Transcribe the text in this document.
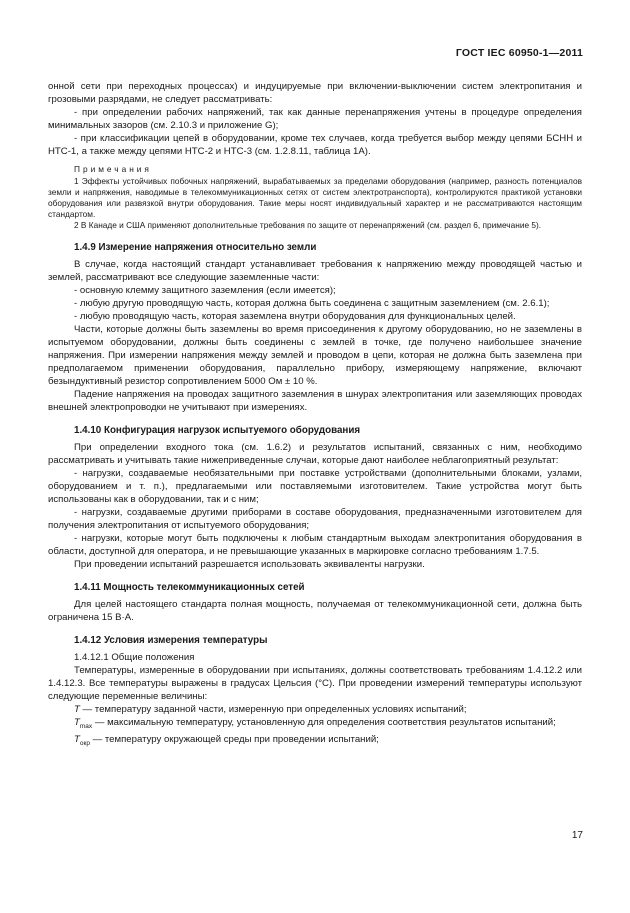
ГОСТ IEC 60950-1—2011

онной сети при переходных процессах) и индуцируемые при включении-выключении систем электропитания и грозовыми разрядами, не следует рассматривать:

- при определении рабочих напряжений, так как данные перенапряжения учтены в процедуре определения минимальных зазоров (см. 2.10.3 и приложение G);

- при классификации цепей в оборудовании, кроме тех случаев, когда требуется выбор между цепями БСНН и НТС-1, а также между цепями НТС-2 и НТС-3 (см. 1.2.8.11, таблица 1А).

Примечания

1 Эффекты устойчивых побочных напряжений, вырабатываемых за пределами оборудования (например, разность потенциалов земли и напряжения, наводимые в телекоммуникационных сетях от систем электротранспорта), контролируются практикой установки оборудования или развязкой внутри оборудования. Такие меры носят индивидуальный характер и не рассматриваются настоящим стандартом.

2 В Канаде и США применяют дополнительные требования по защите от перенапряжений (см. раздел 6, примечание 5).

1.4.9 Измерение напряжения относительно земли

В случае, когда настоящий стандарт устанавливает требования к напряжению между проводящей частью и землей, рассматривают все следующие заземленные части:

- основную клемму защитного заземления (если имеется);

- любую другую проводящую часть, которая должна быть соединена с защитным заземлением (см. 2.6.1);

- любую проводящую часть, которая заземлена внутри оборудования для функциональных целей.

Части, которые должны быть заземлены во время присоединения к другому оборудованию, но не заземлены в испытуемом оборудовании, должны быть соединены с землей в точке, где получено наибольшее значение напряжения. При измерении напряжения между землей и проводом в цепи, которая не должна быть заземлена при предполагаемом применении оборудования, параллельно прибору, измеряющему напряжение, включают безындуктивный резистор сопротивлением 5000 Ом ± 10 %.

Падение напряжения на проводах защитного заземления в шнурах электропитания или заземляющих проводах внешней электропроводки не учитывают при измерениях.

1.4.10 Конфигурация нагрузок испытуемого оборудования

При определении входного тока (см. 1.6.2) и результатов испытаний, связанных с ним, необходимо рассматривать и учитывать такие нижеприведенные случаи, которые дают наиболее неблагоприятный результат:

- нагрузки, создаваемые необязательными при поставке устройствами (дополнительными блоками, узлами, оборудованием и т. п.), предлагаемыми или поставляемыми изготовителем. Такие устройства могут быть использованы как в оборудовании, так и с ним;

- нагрузки, создаваемые другими приборами в составе оборудования, предназначенными изготовителем для получения электропитания от испытуемого оборудования;

- нагрузки, которые могут быть подключены к любым стандартным выходам электропитания оборудования в области, доступной для оператора, и не превышающие указанных в маркировке согласно требованиям 1.7.5.

При проведении испытаний разрешается использовать эквиваленты нагрузки.

1.4.11 Мощность телекоммуникационных сетей

Для целей настоящего стандарта полная мощность, получаемая от телекоммуникационной сети, должна быть ограничена 15 В·А.

1.4.12 Условия измерения температуры

1.4.12.1 Общие положения

Температуры, измеренные в оборудовании при испытаниях, должны соответствовать требованиям 1.4.12.2 или 1.4.12.3. Все температуры выражены в градусах Цельсия (°С). При проведении измерений температуры используют следующие переменные величины:

T — температуру заданной части, измеренную при определенных условиях испытаний;

$T_{max}$ — максимальную температуру, установленную для определения соответствия результатов испытаний;

$T_{окр}$ — температуру окружающей среды при проведении испытаний;

17
